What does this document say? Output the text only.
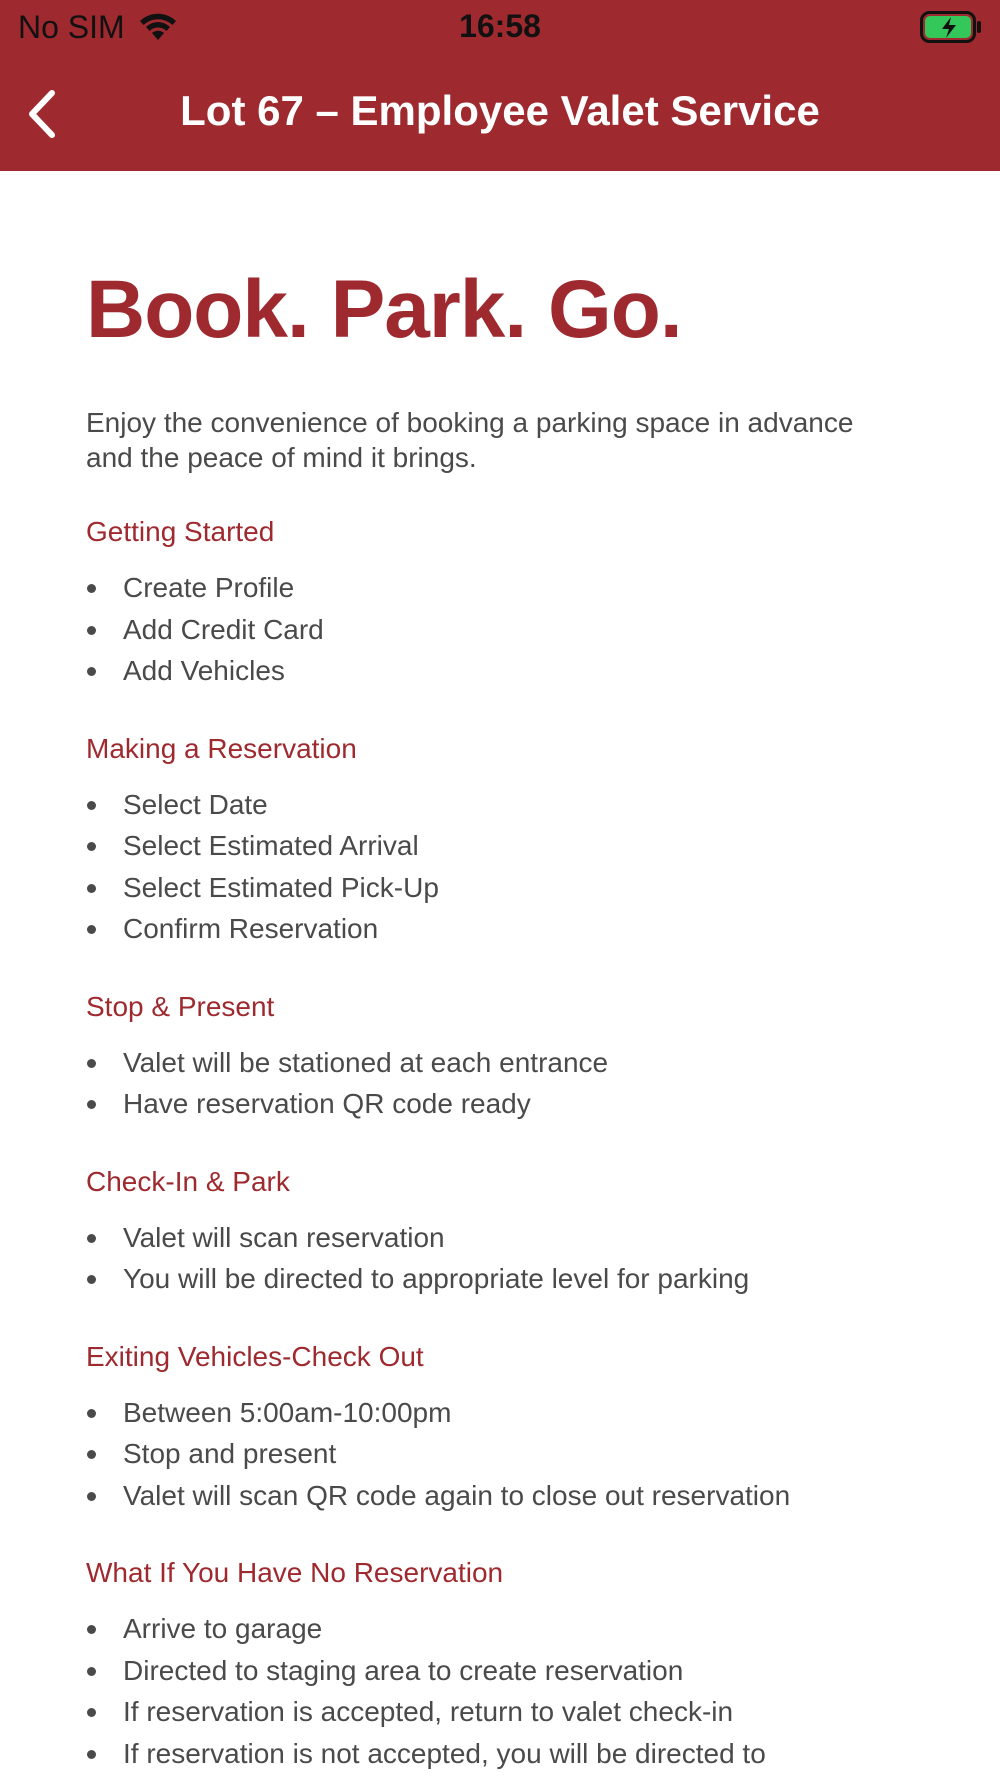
No SIM	16:58
Lot 67 – Employee Valet Service
Book. Park. Go.

Enjoy the convenience of booking a parking space in advance and the peace of mind it brings.

Getting Started
Create Profile
Add Credit Card
Add Vehicles
Making a Reservation
Select Date
Select Estimated Arrival
Select Estimated Pick-Up
Confirm Reservation
Stop & Present
Valet will be stationed at each entrance
Have reservation QR code ready
Check-In & Park
Valet will scan reservation
You will be directed to appropriate level for parking
Exiting Vehicles-Check Out
Between 5:00am-10:00pm
Stop and present
Valet will scan QR code again to close out reservation
What If You Have No Reservation
Arrive to garage
Directed to staging area to create reservation
If reservation is accepted, return to valet check-in
If reservation is not accepted, you will be directed to
